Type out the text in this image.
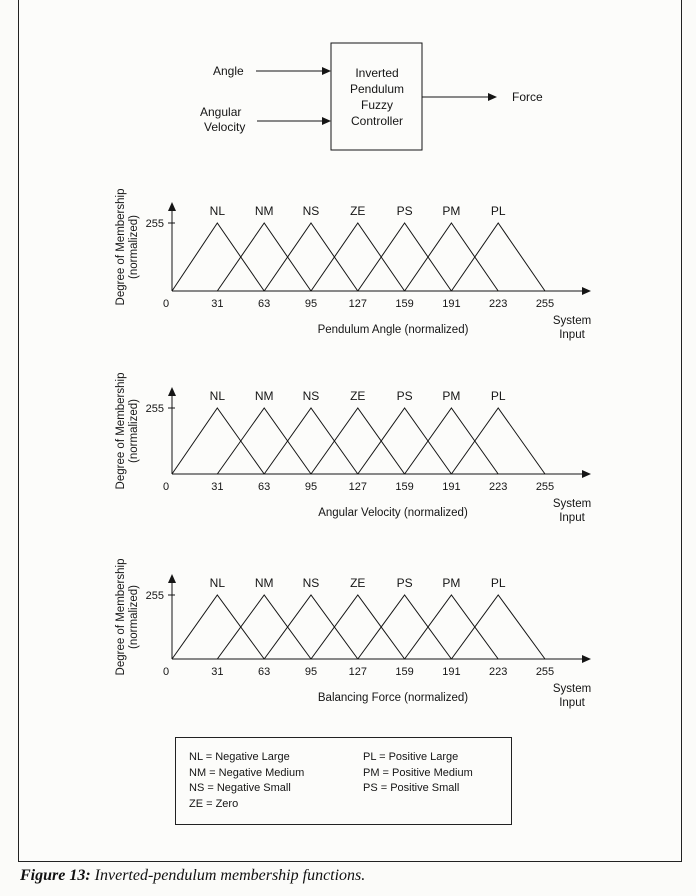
Angle
Angular
Velocity
Inverted
Pendulum
Fuzzy
Controller
Force
255
Degree of Membership (normalized)
0	31	63	95	127	159	191	223	255
NL NM NS	ZE	PS PM	PL
Pendulum Angle (normalized)
System
Input
255
Degree of Membership (normalized)
0	31	63	95	127	159	191	223	255
NL NM NS	ZE	PS PM	PL
Angular Velocity (normalized)
System
Input
255
Degree of Membership (normalized)
0	31	63	95	127	159	191	223	255
NL NM NS	ZE	PS PM	PL
Balancing Force (normalized)
System
Input
NL = Negative Large
NM = Negative Medium
NS = Negative Small
ZE = Zero
PL = Positive Large
PM = Positive Medium
PS = Positive Small
Figure 13: Inverted-pendulum membership functions.
